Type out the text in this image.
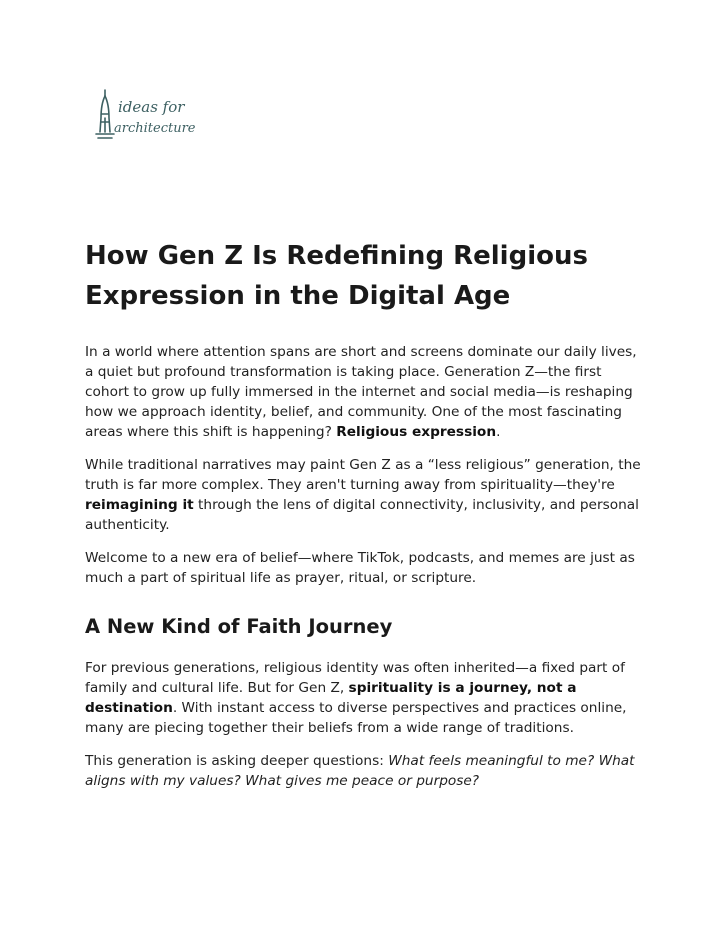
ideas for
architecture
How Gen Z Is Redefining Religious Expression in the Digital Age

In a world where attention spans are short and screens dominate our daily lives, a quiet but profound transformation is taking place. Generation Z—the first cohort to grow up fully immersed in the internet and social media—is reshaping how we approach identity, belief, and community. One of the most fascinating areas where this shift is happening? Religious expression.

While traditional narratives may paint Gen Z as a “less religious” generation, the truth is far more complex. They aren't turning away from spirituality—they're reimagining it through the lens of digital connectivity, inclusivity, and personal authenticity.

Welcome to a new era of belief—where TikTok, podcasts, and memes are just as much a part of spiritual life as prayer, ritual, or scripture.

A New Kind of Faith Journey

For previous generations, religious identity was often inherited—a fixed part of family and cultural life. But for Gen Z, spirituality is a journey, not a destination. With instant access to diverse perspectives and practices online, many are piecing together their beliefs from a wide range of traditions.

This generation is asking deeper questions: What feels meaningful to me? What aligns with my values? What gives me peace or purpose?
